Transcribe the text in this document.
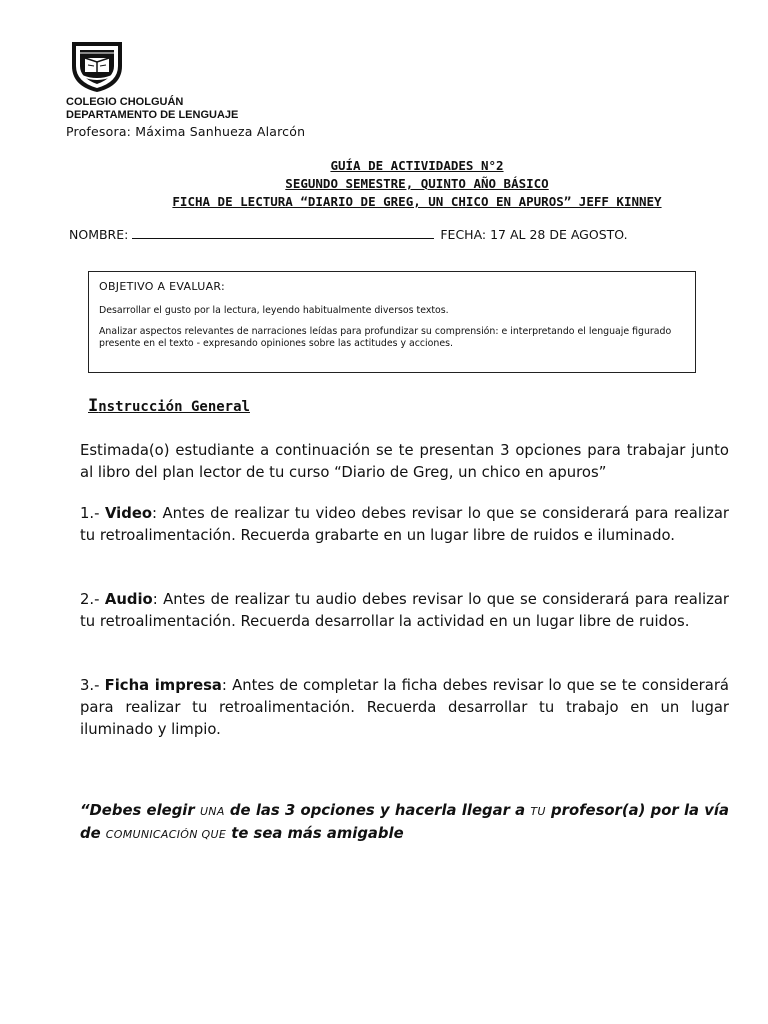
COLEGIO CHOLGUÁN
DEPARTAMENTO DE LENGUAJE
Profesora: Máxima Sanhueza Alarcón
GUÍA DE ACTIVIDADES N°2
SEGUNDO SEMESTRE, QUINTO AÑO BÁSICO
FICHA DE LECTURA “DIARIO DE GREG, UN CHICO EN APUROS” JEFF KINNEY
NOMBRE:	FECHA: 17 AL 28 DE AGOSTO.
OBJETIVO A EVALUAR:
Desarrollar el gusto por la lectura, leyendo habitualmente diversos textos.
Analizar aspectos relevantes de narraciones leídas para profundizar su comprensión: e interpretando el lenguaje figurado presente en el texto - expresando opiniones sobre las actitudes y acciones.
Instrucción General
Estimada(o) estudiante a continuación se te presentan 3 opciones para trabajar junto al libro del plan lector de tu curso “Diario de Greg, un chico en apuros”
1.- Video: Antes de realizar tu video debes revisar lo que se considerará para realizar tu retroalimentación. Recuerda grabarte en un lugar libre de ruidos e iluminado.
2.- Audio: Antes de realizar tu audio debes revisar lo que se considerará para realizar tu retroalimentación. Recuerda desarrollar la actividad en un lugar libre de ruidos.
3.- Ficha impresa: Antes de completar la ficha debes revisar lo que se te considerará para realizar tu retroalimentación. Recuerda desarrollar tu trabajo en un lugar iluminado y limpio.
“Debes elegir UNA de las 3 opciones y hacerla llegar a TU profesor(a) por la vía de COMUNICACIÓN QUE te sea más amigable
